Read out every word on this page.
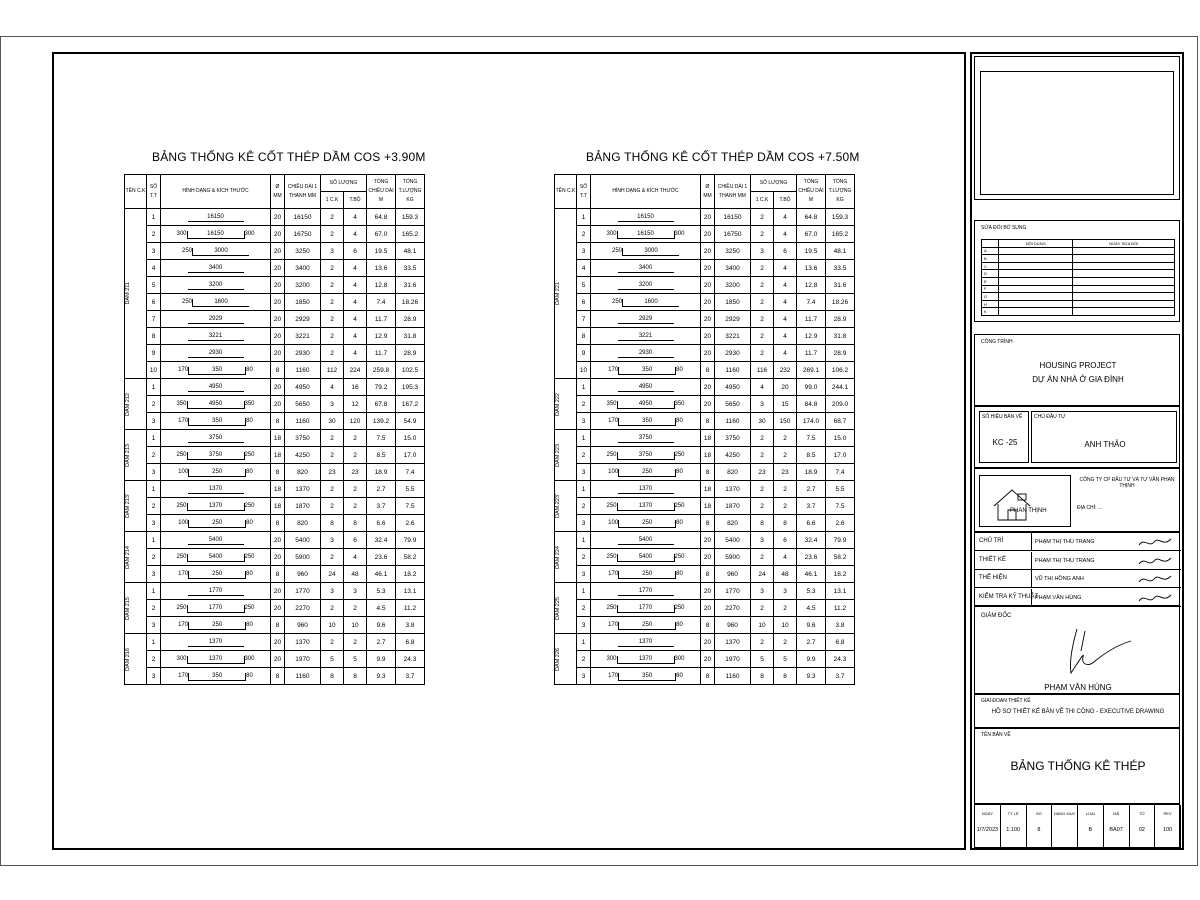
BẢNG THỐNG KÊ CỐT THÉP DẦM COS +3.90M
TÊN C.K	SỐ T.T	HÌNH DẠNG & KÍCH THƯỚC	Ø MM	CHIỀU DÀI 1 THANH MM	SỐ LƯỢNG		TỔNG CHIỀU DÀI M	TỔNG T.LƯỢNG KG
					1 C.K	T.BỘ		

DẦM 211	1	16150	20	16150	2	4	64.8	159.3
	2	300 16150 300	20	16750	2	4	67.0	165.2
	3	250 3000	20	3250	3	6	19.5	48.1
	4	3400	20	3400	2	4	13.6	33.5
	5	3200	20	3200	2	4	12.8	31.6
	6	250 1600	20	1850	2	4	7.4	18.26
	7	2929	20	2929	2	4	11.7	28.9
	8	3221	20	3221	2	4	12.9	31.8
	9	2930	20	2930	2	4	11.7	28.9
	10	170 350 80	8	1160	112	224	259.8	102.5

DẦM 212	1	4950	20	4950	4	16	79.2	195.3
	2	350 4950 350	20	5650	3	12	67.8	167.2
	3	170 350 80	8	1160	30	120	139.2	54.9

DẦM 213	1	3750	18	3750	2	2	7.5	15.0
	2	250 3750 250	18	4250	2	2	8.5	17.0
	3	100 250 80	8	820	23	23	18.9	7.4

DẦM 213'	1	1370	18	1370	2	2	2.7	5.5
	2	250 1370 250	18	1870	2	2	3.7	7.5
	3	100 250 80	8	820	8	8	6.6	2.6

DẦM 214	1	5400	20	5400	3	6	32.4	79.9
	2	250 5400 250	20	5900	2	4	23.6	58.2
	3	170 250 80	8	960	24	48	46.1	18.2

DẦM 215	1	1770	20	1770	3	3	5.3	13.1
	2	250 1770 250	20	2270	2	2	4.5	11.2
	3	170 250 80	8	960	10	10	9.6	3.8

DẦM 216	1	1370	20	1370	2	2	2.7	6.8
	2	300 1370 300	20	1970	5	5	9.9	24.3
	3	170 350 80	8	1160	8	8	9.3	3.7
BẢNG THỐNG KÊ CỐT THÉP DẦM COS +7.50M
TÊN C.K	SỐ T.T	HÌNH DẠNG & KÍCH THƯỚC	Ø MM	CHIỀU DÀI 1 THANH MM	SỐ LƯỢNG		TỔNG CHIỀU DÀI M	TỔNG T.LƯỢNG KG
					1 C.K	T.BỘ		

DẦM 221	1	16150	20	16150	2	4	64.8	159.3
	2	300 16150 300	20	16750	2	4	67.0	165.2
	3	250 3000	20	3250	3	6	19.5	48.1
	4	3400	20	3400	2	4	13.6	33.5
	5	3200	20	3200	2	4	12.8	31.6
	6	250 1600	20	1850	2	4	7.4	18.26
	7	2929	20	2929	2	4	11.7	28.9
	8	3221	20	3221	2	4	12.9	31.8
	9	2930	20	2930	2	4	11.7	28.9
	10	170 350 80	8	1160	116	232	269.1	106.2

DẦM 222	1	4950	20	4950	4	20	99.0	244.1
	2	350 4950 350	20	5650	3	15	84.8	209.0
	3	170 350 80	8	1160	30	150	174.0	68.7

DẦM 223	1	3750	18	3750	2	2	7.5	15.0
	2	250 3750 250	18	4250	2	2	8.5	17.0
	3	100 250 80	8	820	23	23	18.9	7.4

DẦM 223'	1	1370	18	1370	2	2	2.7	5.5
	2	250 1370 250	18	1870	2	2	3.7	7.5
	3	100 250 80	8	820	8	8	6.6	2.6

DẦM 224	1	5400	20	5400	3	6	32.4	79.9
	2	250 5400 250	20	5900	2	4	23.6	58.2
	3	170 250 80	8	960	24	48	46.1	18.2

DẦM 225	1	1770	20	1770	3	3	5.3	13.1
	2	250 1770 250	20	2270	2	2	4.5	11.2
	3	170 250 80	8	960	10	10	9.6	3.8

DẦM 226	1	1370	20	1370	2	2	2.7	6.8
	2	300 1370 300	20	1970	5	5	9.9	24.3
	3	170 350 80	8	1160	8	8	9.3	3.7
SỬA ĐỔI BỔ SUNG
	NỘI DUNG	NGÀY SỬA ĐỔI
A		
B		
C		
D		
E		
F		
G		
H		
K		
CÔNG TRÌNH
HOUSING PROJECT
DỰ ÁN NHÀ Ở GIA ĐÌNH
SỐ HIỆU BẢN VẼ
KC -25
CHỦ ĐẦU TƯ
ANH THẢO
PHAN THỊNH
CÔNG TY CP ĐẦU TƯ VÀ TƯ VẤN PHAN THỊNH
ĐỊA CHỈ: ...
CHỦ TRÌ	PHẠM THỊ THU TRANG
THIẾT KẾ	PHẠM THỊ THU TRANG
THỂ HIỆN	VŨ THỊ HỒNG ANH
KIỂM TRA KỸ THUẬT
PHẠM VĂN HÙNG
GIÁM ĐỐC
PHẠM VĂN HÙNG
GIAI ĐOẠN THIẾT KẾ
HỒ SƠ THIẾT KẾ BẢN VẼ THI CÔNG - EXECUTIVE DRAWING
TÊN BẢN VẼ
BẢNG THỐNG KÊ THÉP
NGÀY
1/7/2023
TỶ LỆ
1:100
SỐ
8
HẠNG MỤC	LOẠI
B
MÃ
BA07
TỜ
02
REV
100
